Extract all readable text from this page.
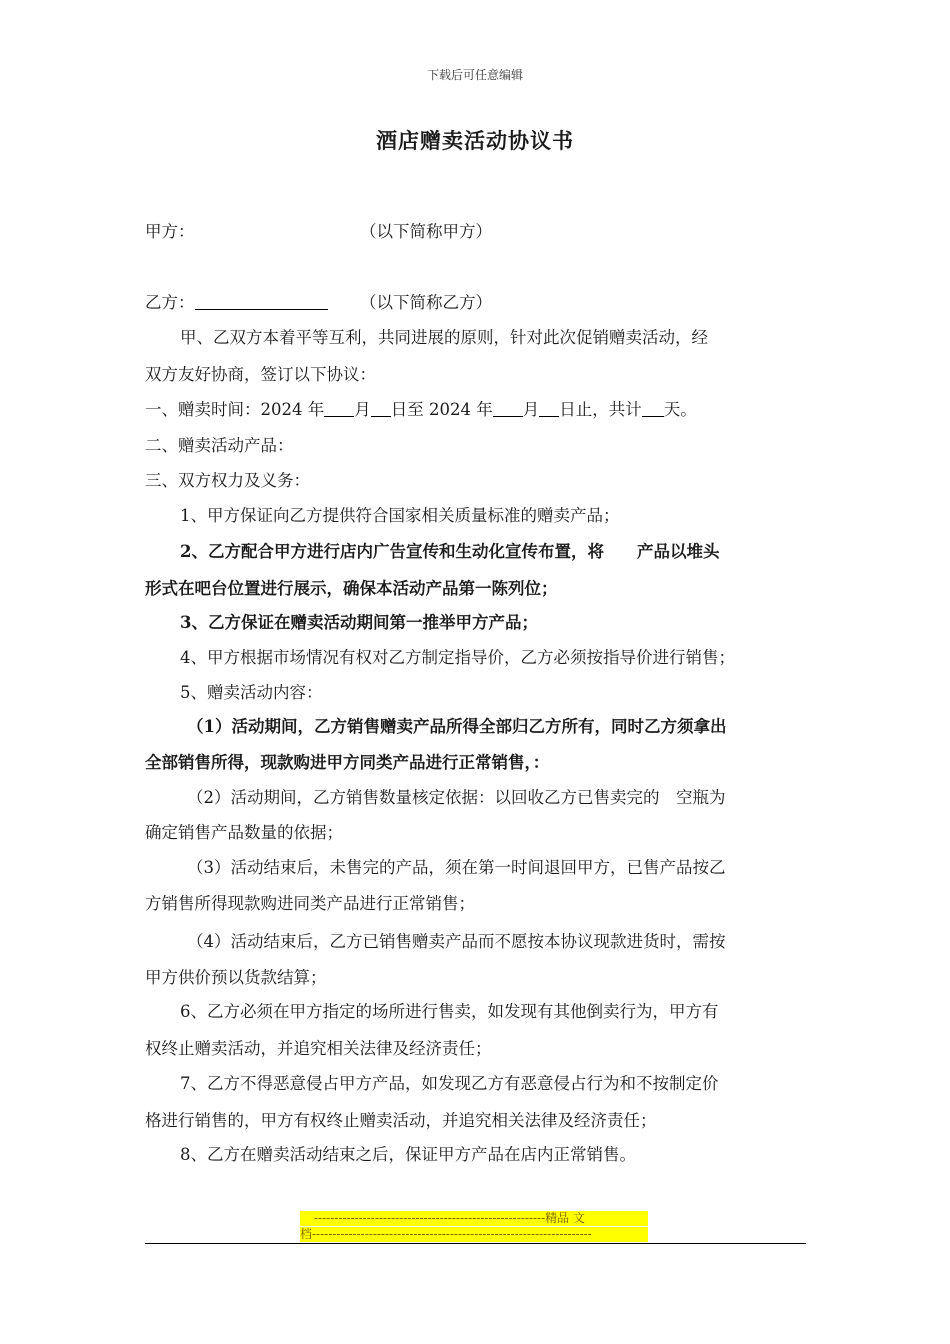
下载后可任意编辑
酒店赠卖活动协议书
甲方：	（以下简称甲方）
乙方：	（以下简称乙方）
甲、乙双方本着平等互利，共同进展的原则，针对此次促销赠卖活动，经
双方友好协商，签订以下协议：
一、赠卖时间：2024 年 月 日至 2024 年 月 日止，共计 天。
二、赠卖活动产品：
三、双方权力及义务：
1、甲方保证向乙方提供符合国家相关质量标准的赠卖产品；
2、乙方配合甲方进行店内广告宣传和生动化宣传布置，将　　产品以堆头
形式在吧台位置进行展示，确保本活动产品第一陈列位；
3、乙方保证在赠卖活动期间第一推举甲方产品；
4、甲方根据市场情况有权对乙方制定指导价，乙方必须按指导价进行销售；
5、赠卖活动内容：
（1）活动期间，乙方销售赠卖产品所得全部归乙方所有，同时乙方须拿出
全部销售所得，现款购进甲方同类产品进行正常销售，：
（2）活动期间，乙方销售数量核定依据：以回收乙方已售卖完的　空瓶为
确定销售产品数量的依据；
（3）活动结束后，未售完的产品，须在第一时间退回甲方，已售产品按乙
方销售所得现款购进同类产品进行正常销售；
（4）活动结束后，乙方已销售赠卖产品而不愿按本协议现款进货时，需按
甲方供价预以货款结算；
6、乙方必须在甲方指定的场所进行售卖，如发现有其他倒卖行为，甲方有
权终止赠卖活动，并追究相关法律及经济责任；
7、乙方不得恶意侵占甲方产品，如发现乙方有恶意侵占行为和不按制定价
格进行销售的，甲方有权终止赠卖活动，并追究相关法律及经济责任；
8、乙方在赠卖活动结束之后，保证甲方产品在店内正常销售。
---------------------------------------------------------精品 文
档---------------------------------------------------------------------
